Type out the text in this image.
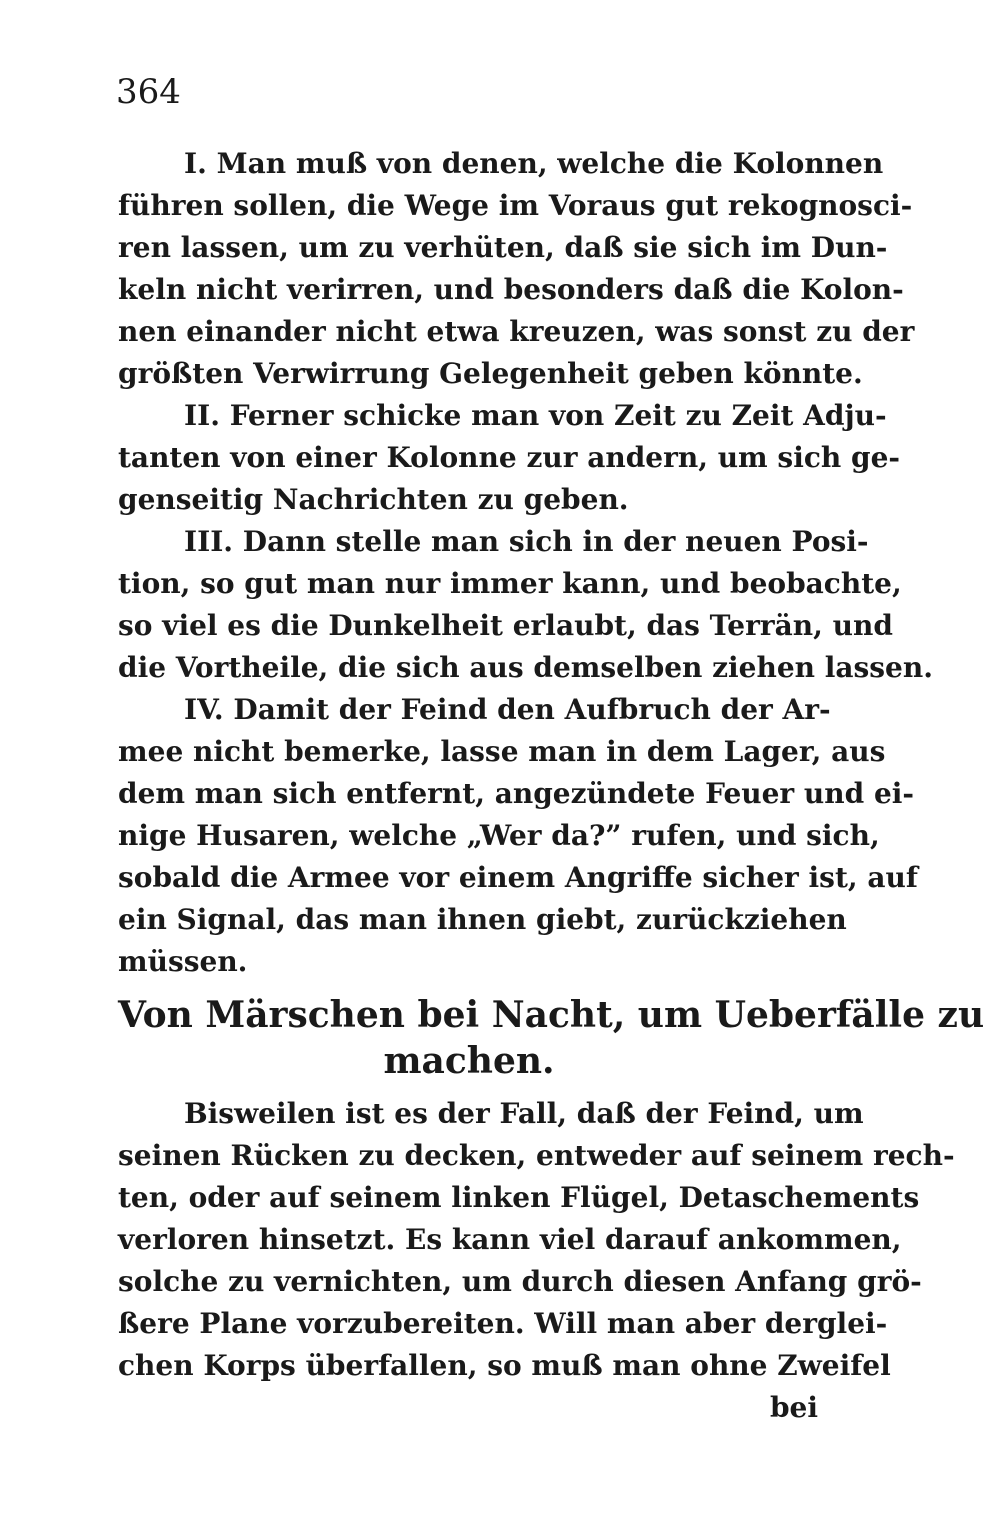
364
I. Man muß von denen, welche die Kolonnen
führen sollen, die Wege im Voraus gut rekognosci-
ren lassen, um zu verhüten, daß sie sich im Dun-
keln nicht verirren, und besonders daß die Kolon-
nen einander nicht etwa kreuzen, was sonst zu der
größten Verwirrung Gelegenheit geben könnte.
II. Ferner schicke man von Zeit zu Zeit Adju-
tanten von einer Kolonne zur andern, um sich ge-
genseitig Nachrichten zu geben.
III. Dann stelle man sich in der neuen Posi-
tion, so gut man nur immer kann, und beobachte,
so viel es die Dunkelheit erlaubt, das Terrän, und
die Vortheile, die sich aus demselben ziehen lassen.
IV. Damit der Feind den Aufbruch der Ar-
mee nicht bemerke, lasse man in dem Lager, aus
dem man sich entfernt, angezündete Feuer und ei-
nige Husaren, welche „Wer da?” rufen, und sich,
sobald die Armee vor einem Angriffe sicher ist, auf
ein Signal, das man ihnen giebt, zurückziehen
müssen.
Von Märschen bei Nacht, um Ueberfälle zu
machen.
Bisweilen ist es der Fall, daß der Feind, um
seinen Rücken zu decken, entweder auf seinem rech-
ten, oder auf seinem linken Flügel, Detaschements
verloren hinsetzt. Es kann viel darauf ankommen,
solche zu vernichten, um durch diesen Anfang grö-
ßere Plane vorzubereiten. Will man aber derglei-
chen Korps überfallen, so muß man ohne Zweifel
bei
